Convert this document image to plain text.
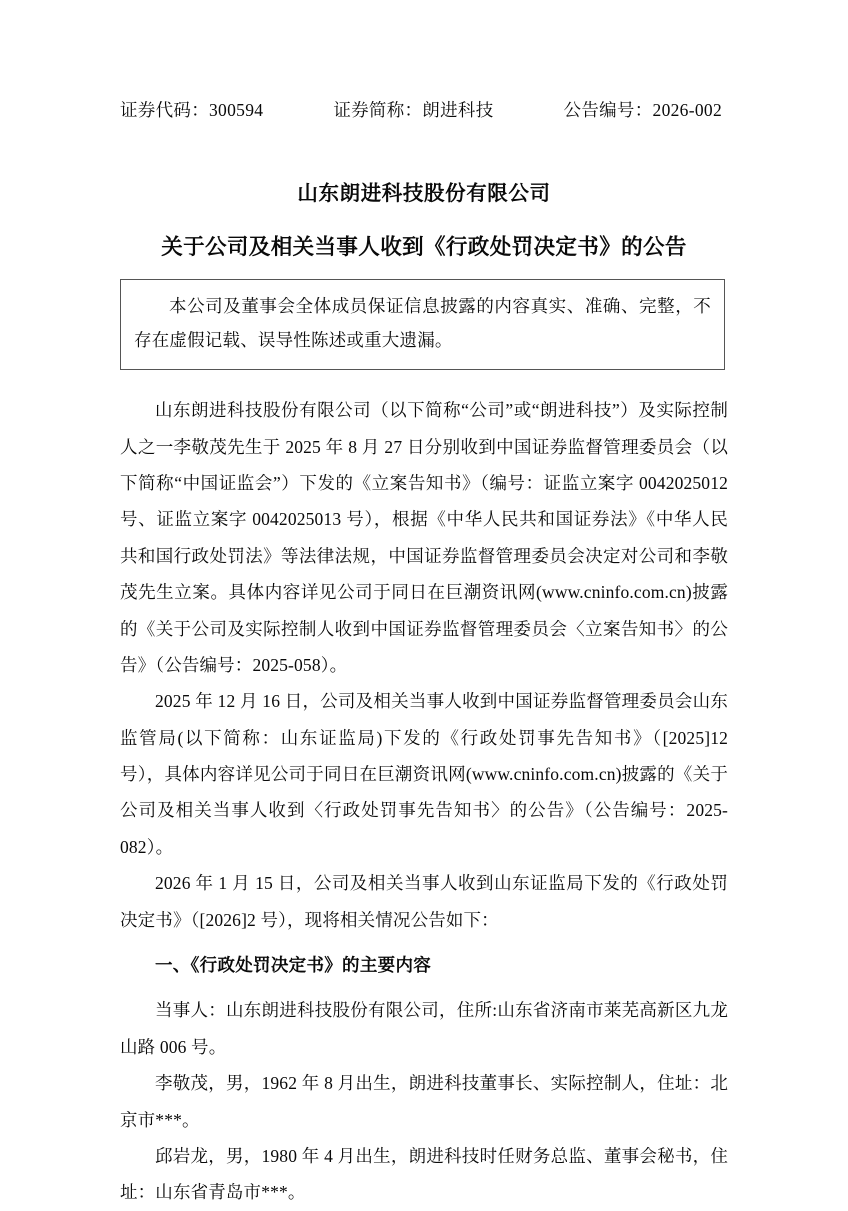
证券代码：300594	证券简称：朗进科技	公告编号：2026-002
山东朗进科技股份有限公司
关于公司及相关当事人收到《行政处罚决定书》的公告
本公司及董事会全体成员保证信息披露的内容真实、准确、完整，不存在虚假记载、误导性陈述或重大遗漏。

山东朗进科技股份有限公司（以下简称“公司”或“朗进科技”）及实际控制人之一李敬茂先生于 2025 年 8 月 27 日分别收到中国证券监督管理委员会（以下简称“中国证监会”）下发的《立案告知书》（编号：证监立案字 0042025012 号、证监立案字 0042025013 号），根据《中华人民共和国证券法》《中华人民共和国行政处罚法》等法律法规，中国证券监督管理委员会决定对公司和李敬茂先生立案。具体内容详见公司于同日在巨潮资讯网(www.cninfo.com.cn)披露的《关于公司及实际控制人收到中国证券监督管理委员会〈立案告知书〉的公告》（公告编号：2025-058）。

2025 年 12 月 16 日，公司及相关当事人收到中国证券监督管理委员会山东监管局(以下简称：山东证监局)下发的《行政处罚事先告知书》（[2025]12 号），具体内容详见公司于同日在巨潮资讯网(www.cninfo.com.cn)披露的《关于公司及相关当事人收到〈行政处罚事先告知书〉的公告》（公告编号：2025-082）。

2026 年 1 月 15 日，公司及相关当事人收到山东证监局下发的《行政处罚决定书》（[2026]2 号），现将相关情况公告如下：

一、《行政处罚决定书》的主要内容

当事人：山东朗进科技股份有限公司，住所:山东省济南市莱芜高新区九龙山路 006 号。

李敬茂，男，1962 年 8 月出生，朗进科技董事长、实际控制人，住址：北京市***。

邱岩龙，男，1980 年 4 月出生，朗进科技时任财务总监、董事会秘书，住址：山东省青岛市***。
